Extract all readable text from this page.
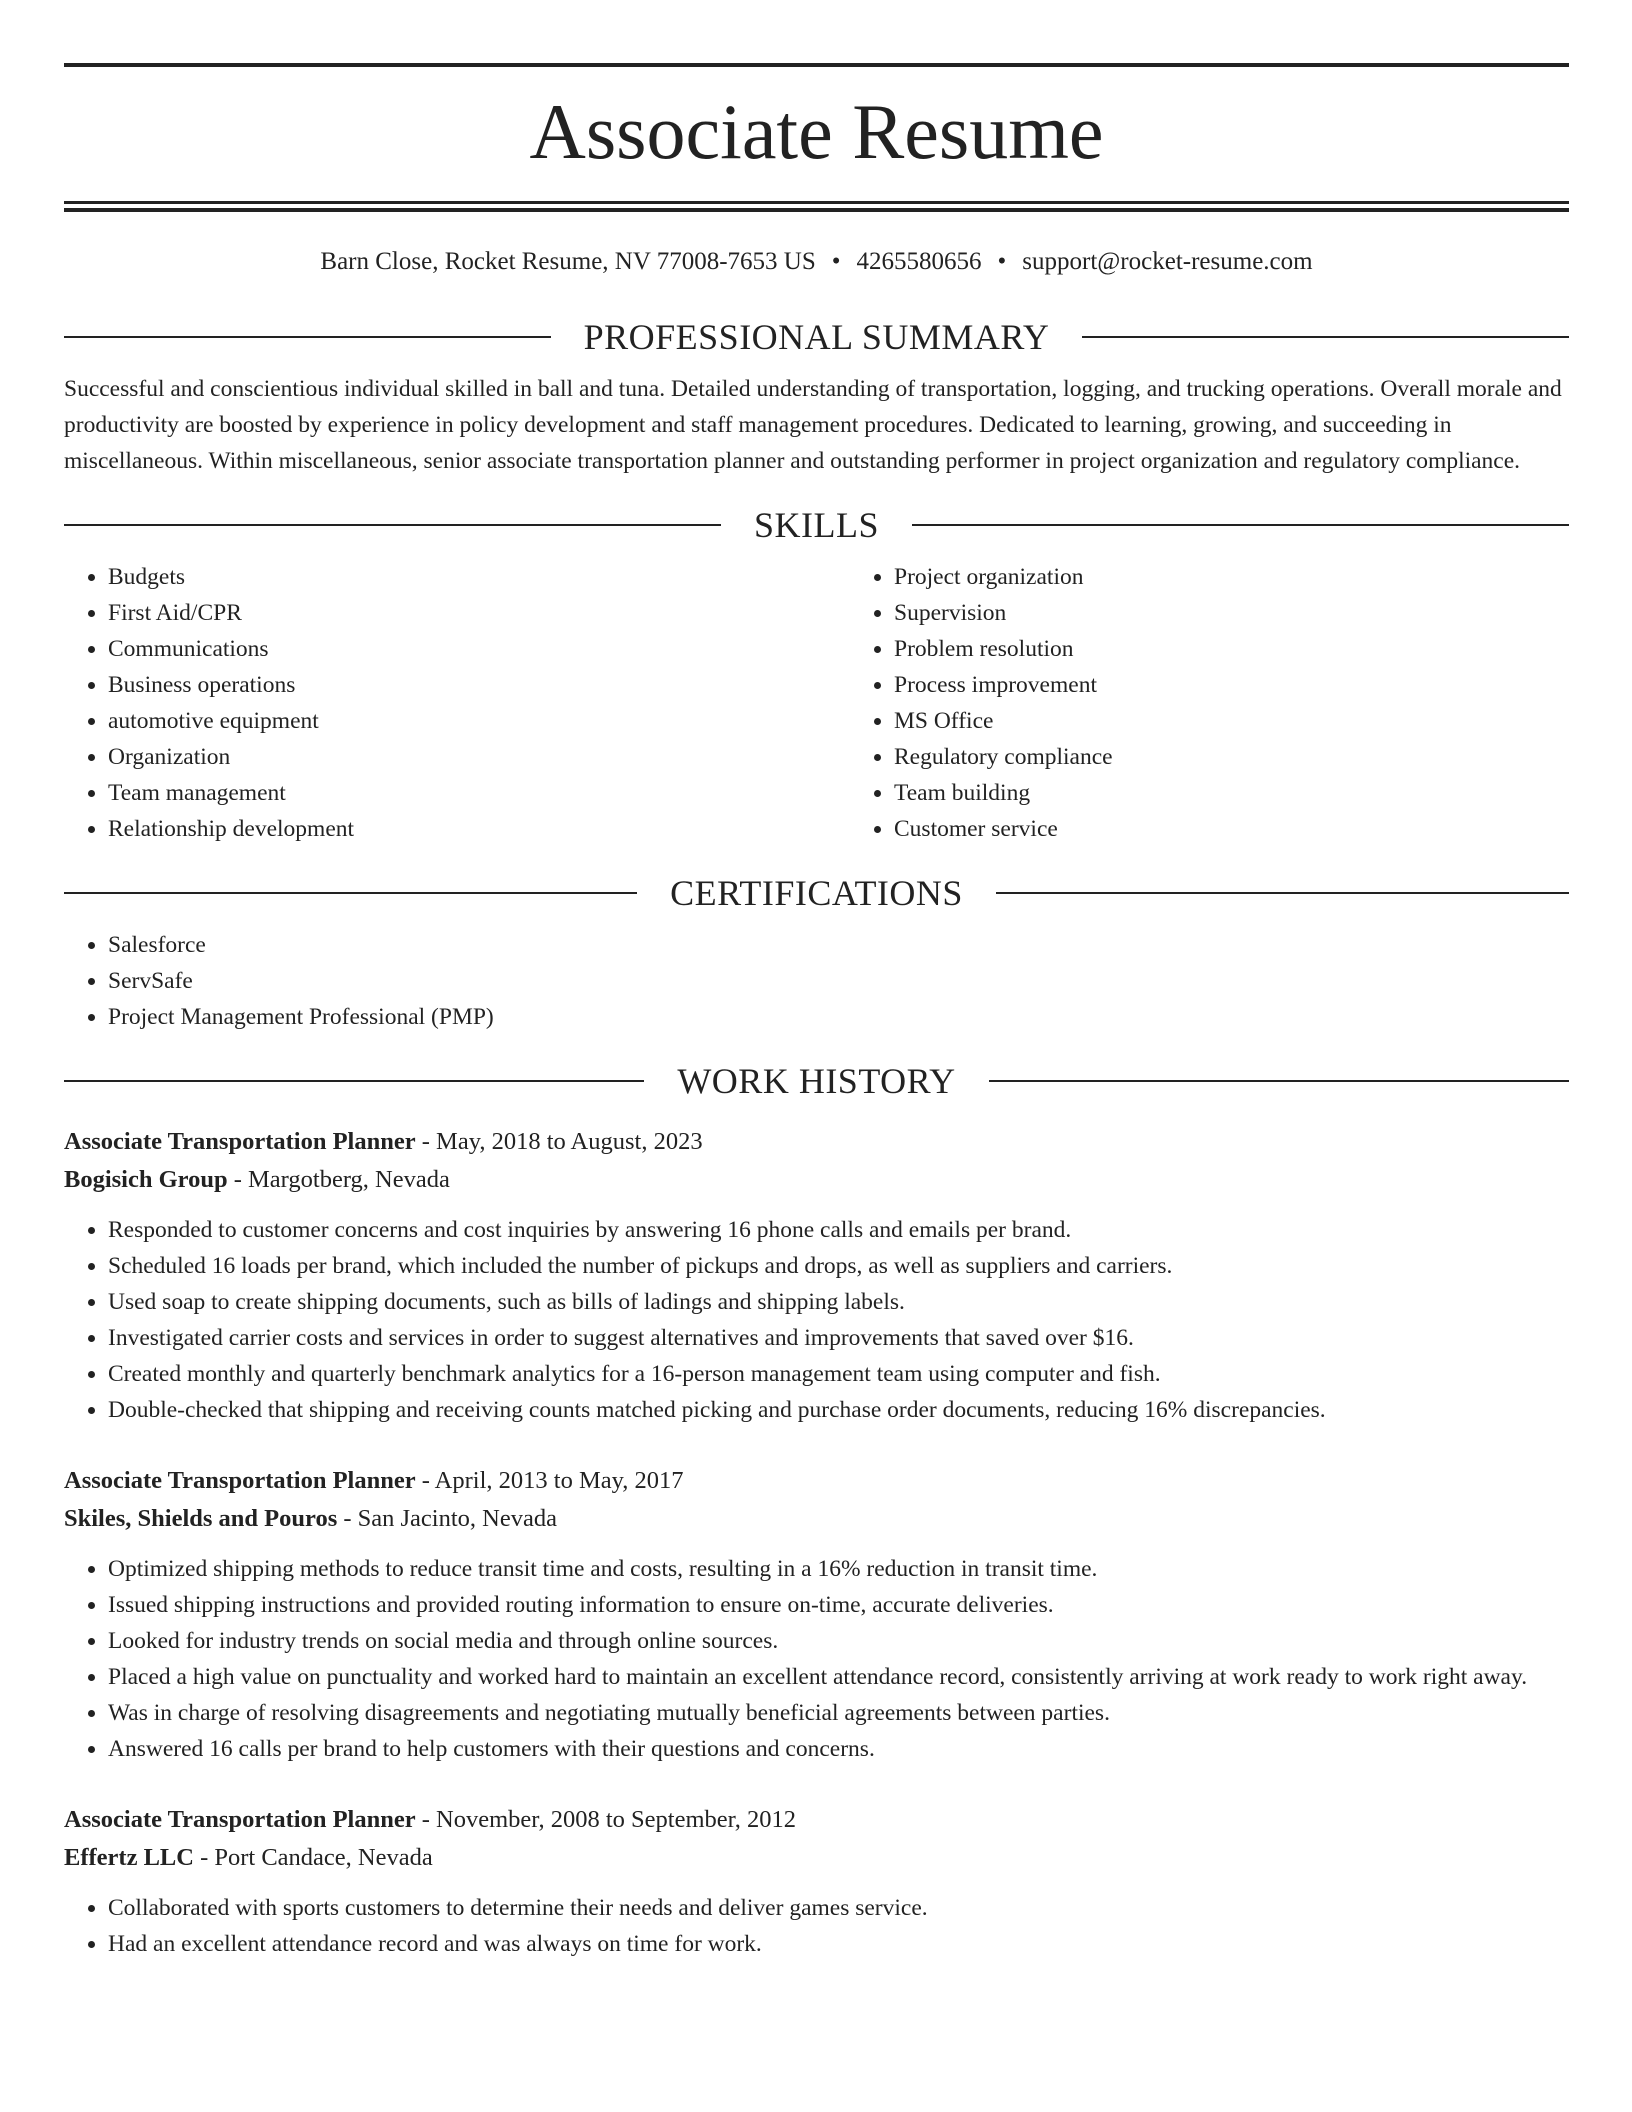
Associate Resume
Barn Close, Rocket Resume, NV 77008-7653 US • 4265580656 • support@rocket-resume.com
PROFESSIONAL SUMMARY

Successful and conscientious individual skilled in ball and tuna. Detailed understanding of transportation, logging, and trucking operations. Overall morale and productivity are boosted by experience in policy development and staff management procedures. Dedicated to learning, growing, and succeeding in miscellaneous. Within miscellaneous, senior associate transportation planner and outstanding performer in project organization and regulatory compliance.

SKILLS
• Budgets
• First Aid/CPR
• Communications
• Business operations
• automotive equipment
• Organization
• Team management
• Relationship development
• Project organization
• Supervision
• Problem resolution
• Process improvement
• MS Office
• Regulatory compliance
• Team building
• Customer service
CERTIFICATIONS
• Salesforce
• ServSafe
• Project Management Professional (PMP)
WORK HISTORY
Associate Transportation Planner - May, 2018 to August, 2023
Bogisich Group - Margotberg, Nevada
• Responded to customer concerns and cost inquiries by answering 16 phone calls and emails per brand.
• Scheduled 16 loads per brand, which included the number of pickups and drops, as well as suppliers and carriers.
• Used soap to create shipping documents, such as bills of ladings and shipping labels.
• Investigated carrier costs and services in order to suggest alternatives and improvements that saved over $16.
• Created monthly and quarterly benchmark analytics for a 16-person management team using computer and fish.
• Double-checked that shipping and receiving counts matched picking and purchase order documents, reducing 16% discrepancies.
Associate Transportation Planner - April, 2013 to May, 2017
Skiles, Shields and Pouros - San Jacinto, Nevada
• Optimized shipping methods to reduce transit time and costs, resulting in a 16% reduction in transit time.
• Issued shipping instructions and provided routing information to ensure on-time, accurate deliveries.
• Looked for industry trends on social media and through online sources.
• Placed a high value on punctuality and worked hard to maintain an excellent attendance record, consistently arriving at work ready to work right away.
• Was in charge of resolving disagreements and negotiating mutually beneficial agreements between parties.
• Answered 16 calls per brand to help customers with their questions and concerns.
Associate Transportation Planner - November, 2008 to September, 2012
Effertz LLC - Port Candace, Nevada
• Collaborated with sports customers to determine their needs and deliver games service.
• Had an excellent attendance record and was always on time for work.
